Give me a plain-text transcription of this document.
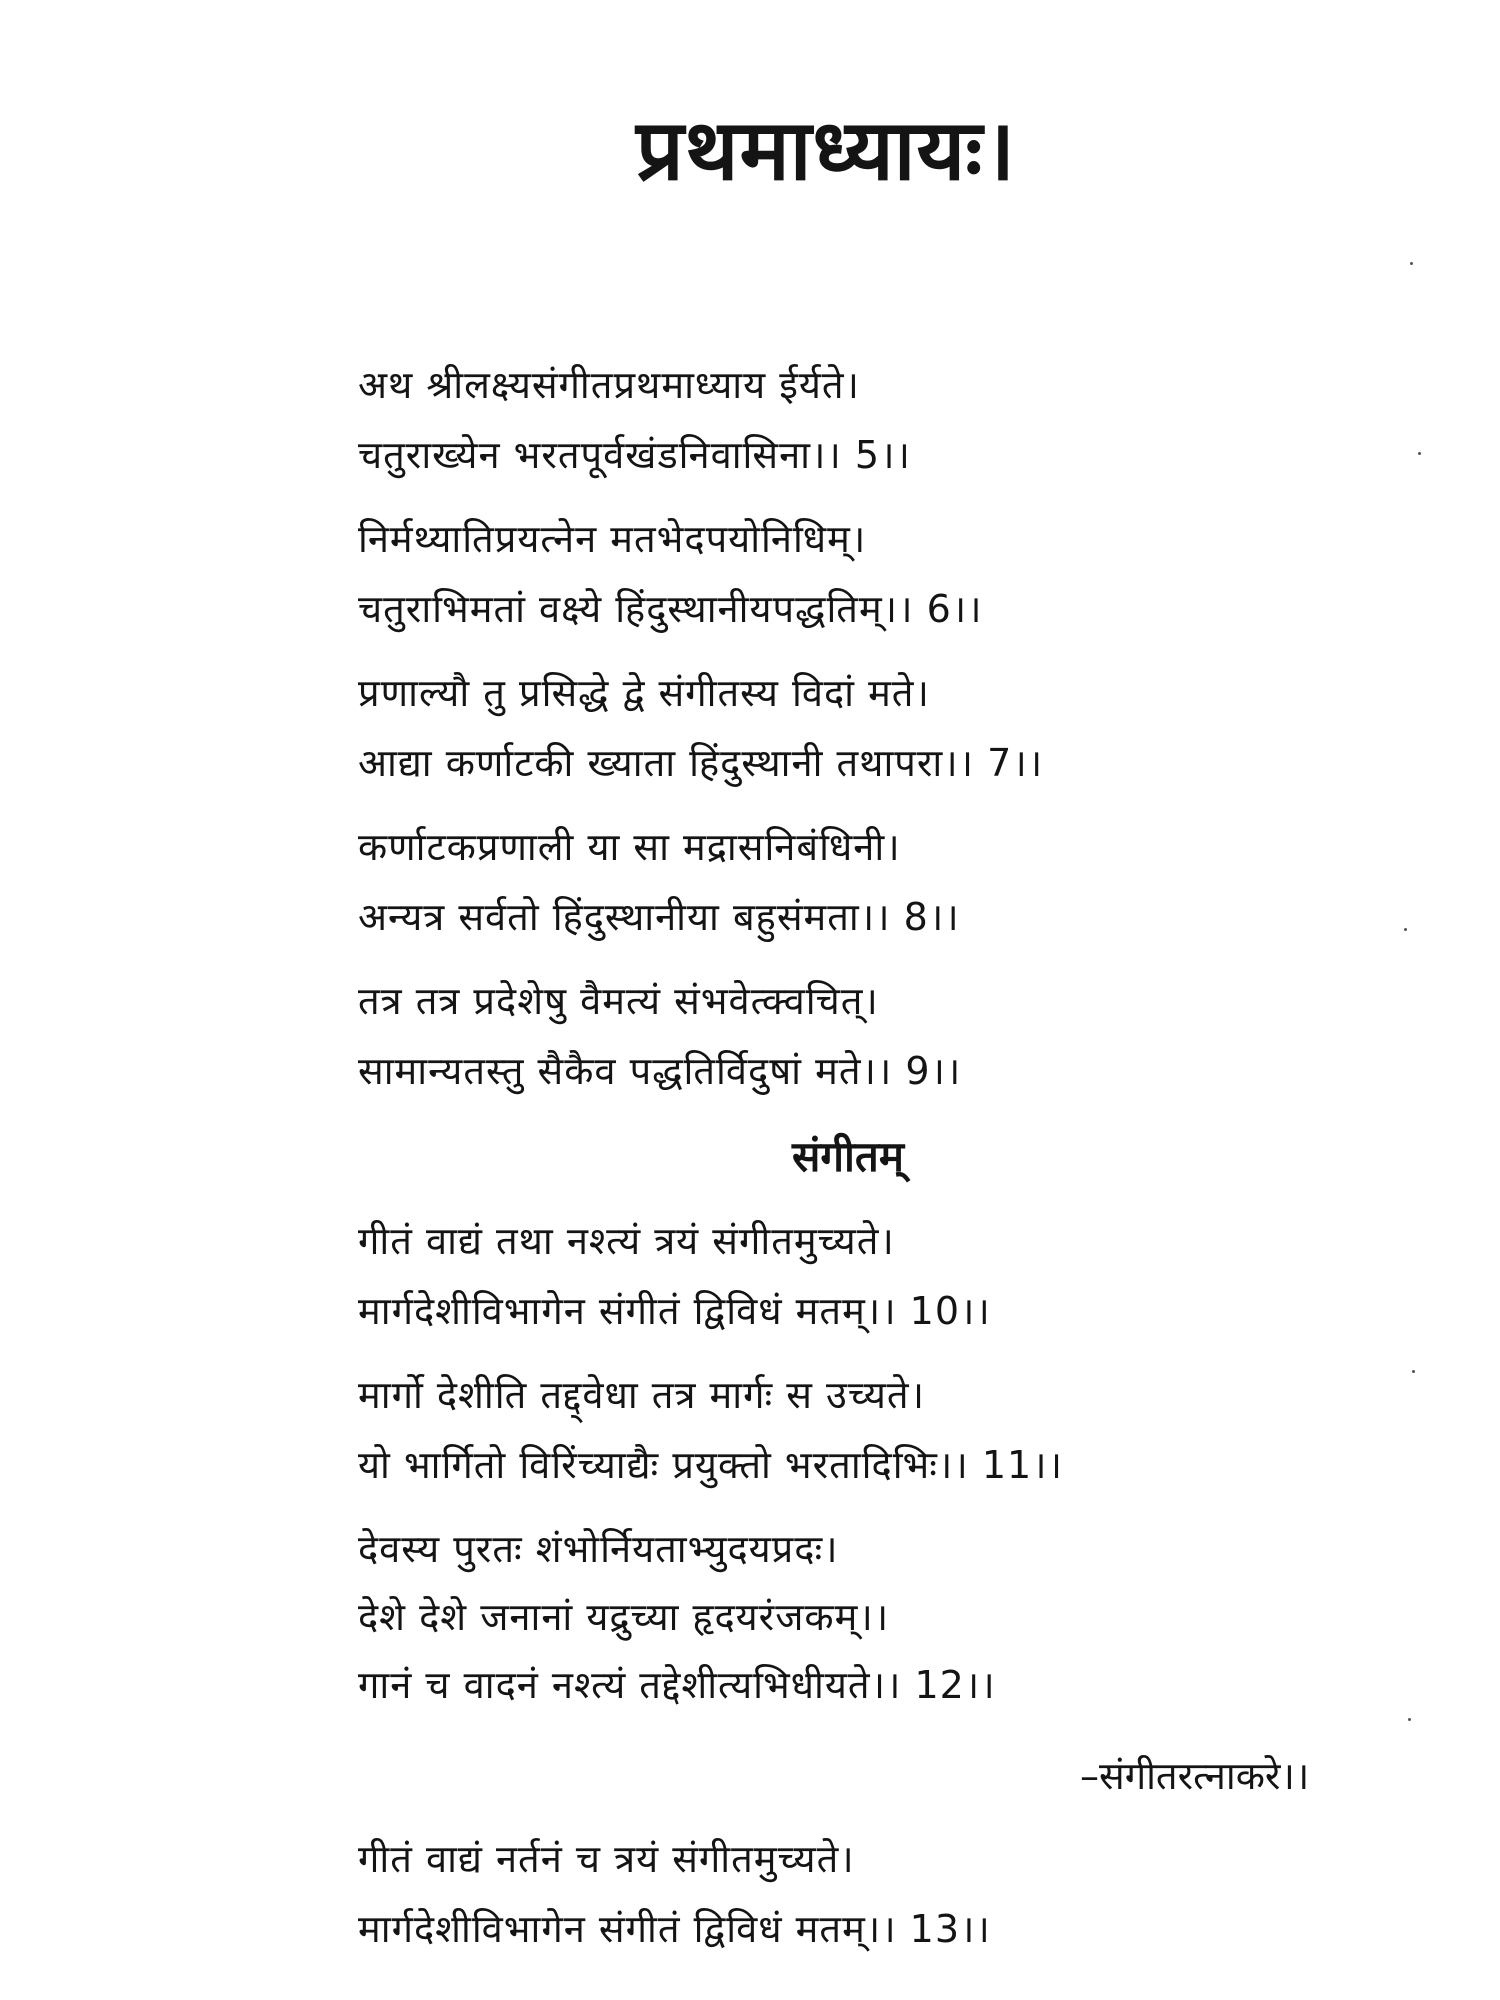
प्रथमाध्यायः।
अथ श्रीलक्ष्यसंगीतप्रथमाध्याय ईर्यते।
चतुराख्येन भरतपूर्वखंडनिवासिना।। 5।।
निर्मथ्यातिप्रयत्नेन मतभेदपयोनिधिम्।
चतुराभिमतां वक्ष्ये हिंदुस्थानीयपद्धतिम्।। 6।।
प्रणाल्यौ तु प्रसिद्धे द्वे संगीतस्य विदां मते।
आद्या कर्णाटकी ख्याता हिंदुस्थानी तथापरा।। 7।।
कर्णाटकप्रणाली या सा मद्रासनिबंधिनी।
अन्यत्र सर्वतो हिंदुस्थानीया बहुसंमता।। 8।।
तत्र तत्र प्रदेशेषु वैमत्यं संभवेत्क्वचित्।
सामान्यतस्तु सैकैव पद्धतिर्विदुषां मते।। 9।।
संगीतम्
गीतं वाद्यं तथा नश्त्यं त्रयं संगीतमुच्यते।
मार्गदेशीविभागेन संगीतं द्विविधं मतम्।। 10।।
मार्गो देशीति तद्द्वेधा तत्र मार्गः स उच्यते।
यो भार्गितो विरिंच्याद्यैः प्रयुक्तो भरतादिभिः।। 11।।
देवस्य पुरतः शंभोर्नियताभ्युदयप्रदः।
देशे देशे जनानां यद्रुच्या हृदयरंजकम्।।
गानं च वादनं नश्त्यं तद्देशीत्यभिधीयते।। 12।।
–संगीतरत्नाकरे।।
गीतं वाद्यं नर्तनं च त्रयं संगीतमुच्यते।
मार्गदेशीविभागेन संगीतं द्विविधं मतम्।। 13।।
